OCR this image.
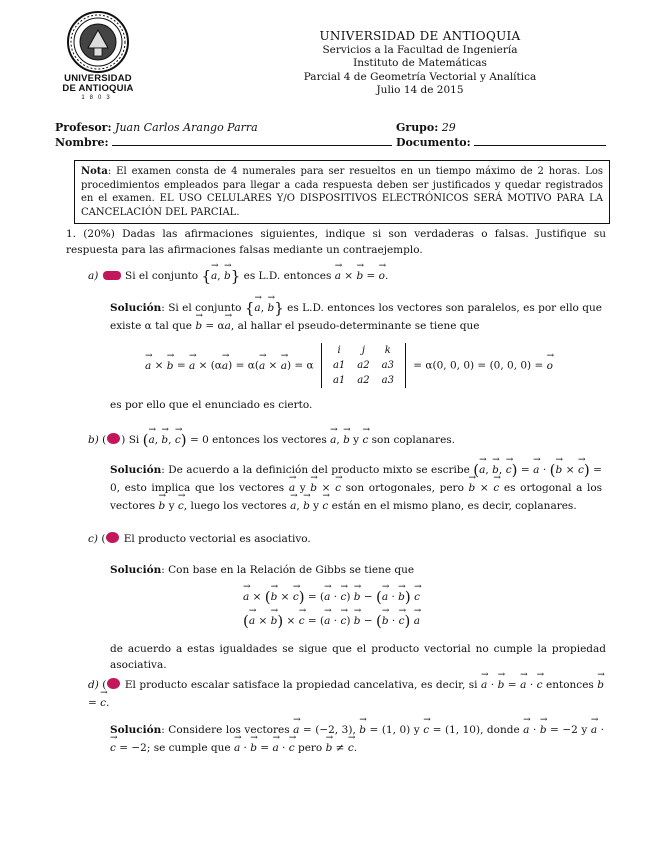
UNIVERSIDAD
DE ANTIOQUIA
1803
UNIVERSIDAD DE ANTIOQUIA
Servicios a la Facultad de Ingeniería
Instituto de Matemáticas
Parcial 4 de Geometría Vectorial y Analítica
Julio 14 de 2015
Profesor: Juan Carlos Arango Parra	Grupo: 29
Nombre:	Documento:
Nota: El examen consta de 4 numerales para ser resueltos en un tiempo máximo de 2 horas. Los procedimientos empleados para llegar a cada respuesta deben ser justificados y quedar registrados en el examen. EL USO CELULARES Y/O DISPOSITIVOS ELECTRÓNICOS SERÁ MOTIVO PARA LA CANCELACIÓN DEL PARCIAL.
1. (20%) Dadas las afirmaciones siguientes, indique si son verdaderas o falsas. Justifique su respuesta para las afirmaciones falsas mediante un contraejemplo.
a)	Si el conjunto {→ a, → b} es L.D. entonces → a × → b = → o.
Solución: Si el conjunto {→ a, → b} es L.D. entonces los vectores son paralelos, es por ello que existe α tal que → b = α→ a, al hallar el pseudo-determinante se tiene que
→ a × → b = → a × (α→ a) = α(→ a × → a) = α
i	j	k
a1	a2	a3
a1	a2	a3
= α(0, 0, 0) = (0, 0, 0) = → o
es por ello que el enunciado es cierto.
b) ( ) Si (→ a, → b, → c) = 0 entonces los vectores → a, → b y → c son coplanares.
Solución: De acuerdo a la definición del producto mixto se escribe (→ a, → b, → c) = → a · (→ b × → c) = 0, esto implica que los vectores → a y → b × → c son ortogonales, pero → b × → c es ortogonal a los vectores → b y → c, luego los vectores → a, → b y → c están en el mismo plano, es decir, coplanares.
c) ( El producto vectorial es asociativo.
Solución: Con base en la Relación de Gibbs se tiene que
→ a × (→ b × → c) = (→ a · → c) → b − (→ a · → b) → c
(→ a × → b) × → c = (→ a · → c) → b − (→ b · → c) → a
de acuerdo a estas igualdades se sigue que el producto vectorial no cumple la propiedad asociativa.
d) ( El producto escalar satisface la propiedad cancelativa, es decir, si → a · → b = → a · → c entonces → b = → c.
Solución: Considere los vectores → a = (−2, 3), → b = (1, 0) y → c = (1, 10), donde → a · → b = −2 y → a · → c = −2; se cumple que → a · → b = → a · → c pero → b ≠ → c.
